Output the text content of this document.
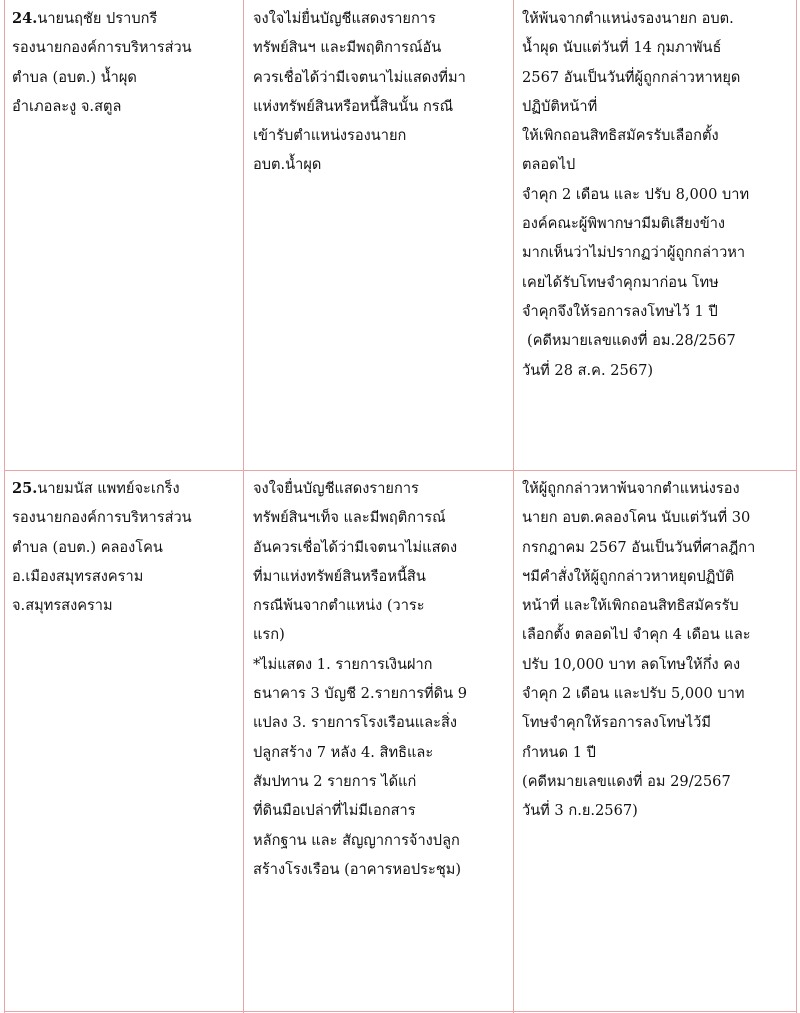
24.นายนฤชัย ปราบกรี
รองนายกองค์การบริหารส่วน
ตำบล (อบต.) น้ำผุด
อำเภอละงู จ.สตูล
จงใจไม่ยื่นบัญชีแสดงรายการ
ทรัพย์สินฯ และมีพฤติการณ์อัน
ควรเชื่อได้ว่ามีเจตนาไม่แสดงที่มา
แห่งทรัพย์สินหรือหนี้สินนั้น กรณี
เข้ารับตำแหน่งรองนายก
อบต.น้ำผุด
ให้พ้นจากตำแหน่งรองนายก อบต.
น้ำผุด นับแต่วันที่ 14 กุมภาพันธ์
2567 อันเป็นวันที่ผู้ถูกกล่าวหาหยุด
ปฏิบัติหน้าที่
ให้เพิกถอนสิทธิสมัครรับเลือกตั้ง
ตลอดไป
จำคุก 2 เดือน และ ปรับ 8,000 บาท
องค์คณะผู้พิพากษามีมติเสียงข้าง
มากเห็นว่าไม่ปรากฏว่าผู้ถูกกล่าวหา
เคยได้รับโทษจำคุกมาก่อน โทษ
จำคุกจึงให้รอการลงโทษไว้ 1 ปี
(คดีหมายเลขแดงที่ อม.28/2567
วันที่ 28 ส.ค. 2567)
25.นายมนัส แพทย์จะเกร็ง
รองนายกองค์การบริหารส่วน
ตำบล (อบต.) คลองโคน
อ.เมืองสมุทรสงคราม
จ.สมุทรสงคราม
จงใจยื่นบัญชีแสดงรายการ
ทรัพย์สินฯเท็จ และมีพฤติการณ์
อันควรเชื่อได้ว่ามีเจตนาไม่แสดง
ที่มาแห่งทรัพย์สินหรือหนี้สิน
กรณีพ้นจากตำแหน่ง (วาระ
แรก)
*ไม่แสดง 1. รายการเงินฝาก
ธนาคาร 3 บัญชี 2.รายการที่ดิน 9
แปลง 3. รายการโรงเรือนและสิ่ง
ปลูกสร้าง 7 หลัง 4. สิทธิและ
สัมปทาน 2 รายการ ได้แก่
ที่ดินมือเปล่าที่ไม่มีเอกสาร
หลักฐาน และ สัญญาการจ้างปลูก
สร้างโรงเรือน (อาคารหอประชุม)
ให้ผู้ถูกกล่าวหาพ้นจากตำแหน่งรอง
นายก อบต.คลองโคน นับแต่วันที่ 30
กรกฎาคม 2567 อันเป็นวันที่ศาลฎีกา
ฯมีคำสั่งให้ผู้ถูกกล่าวหาหยุดปฏิบัติ
หน้าที่ และให้เพิกถอนสิทธิสมัครรับ
เลือกตั้ง ตลอดไป จำคุก 4 เดือน และ
ปรับ 10,000 บาท ลดโทษให้กึ่ง คง
จำคุก 2 เดือน และปรับ 5,000 บาท
โทษจำคุกให้รอการลงโทษไว้มี
กำหนด 1 ปี
(คดีหมายเลขแดงที่ อม 29/2567
วันที่ 3 ก.ย.2567)
